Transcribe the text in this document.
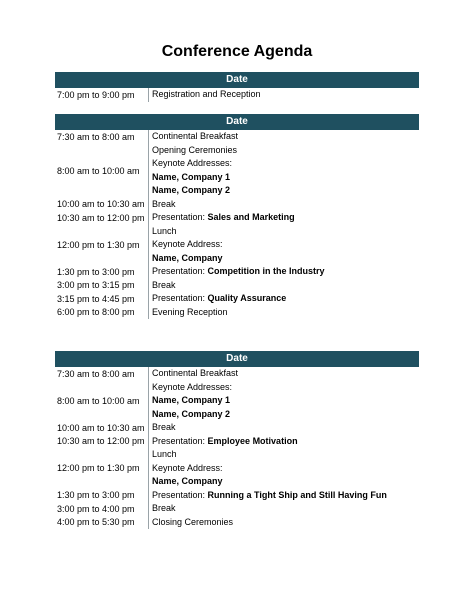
Conference Agenda
Date
7:00 pm to 9:00 pm	Registration and Reception
Date
7:30 am to 8:00 am	Continental Breakfast
8:00 am to 10:00 am
Opening Ceremonies
Keynote Addresses:
Name, Company 1
Name, Company 2
10:00 am to 10:30 am Break
10:30 am to 12:00 pm Presentation: Sales and Marketing
12:00 pm to 1:30 pm
Lunch
Keynote Address:
Name, Company
1:30 pm to 3:00 pm	Presentation: Competition in the Industry
3:00 pm to 3:15 pm	Break
3:15 pm to 4:45 pm	Presentation: Quality Assurance
6:00 pm to 8:00 pm	Evening Reception
Date
7:30 am to 8:00 am	Continental Breakfast
8:00 am to 10:00 am
Keynote Addresses:
Name, Company 1
Name, Company 2
10:00 am to 10:30 am Break
10:30 am to 12:00 pm Presentation: Employee Motivation
12:00 pm to 1:30 pm
Lunch
Keynote Address:
Name, Company
1:30 pm to 3:00 pm	Presentation: Running a Tight Ship and Still Having Fun
3:00 pm to 4:00 pm	Break
4:00 pm to 5:30 pm	Closing Ceremonies
